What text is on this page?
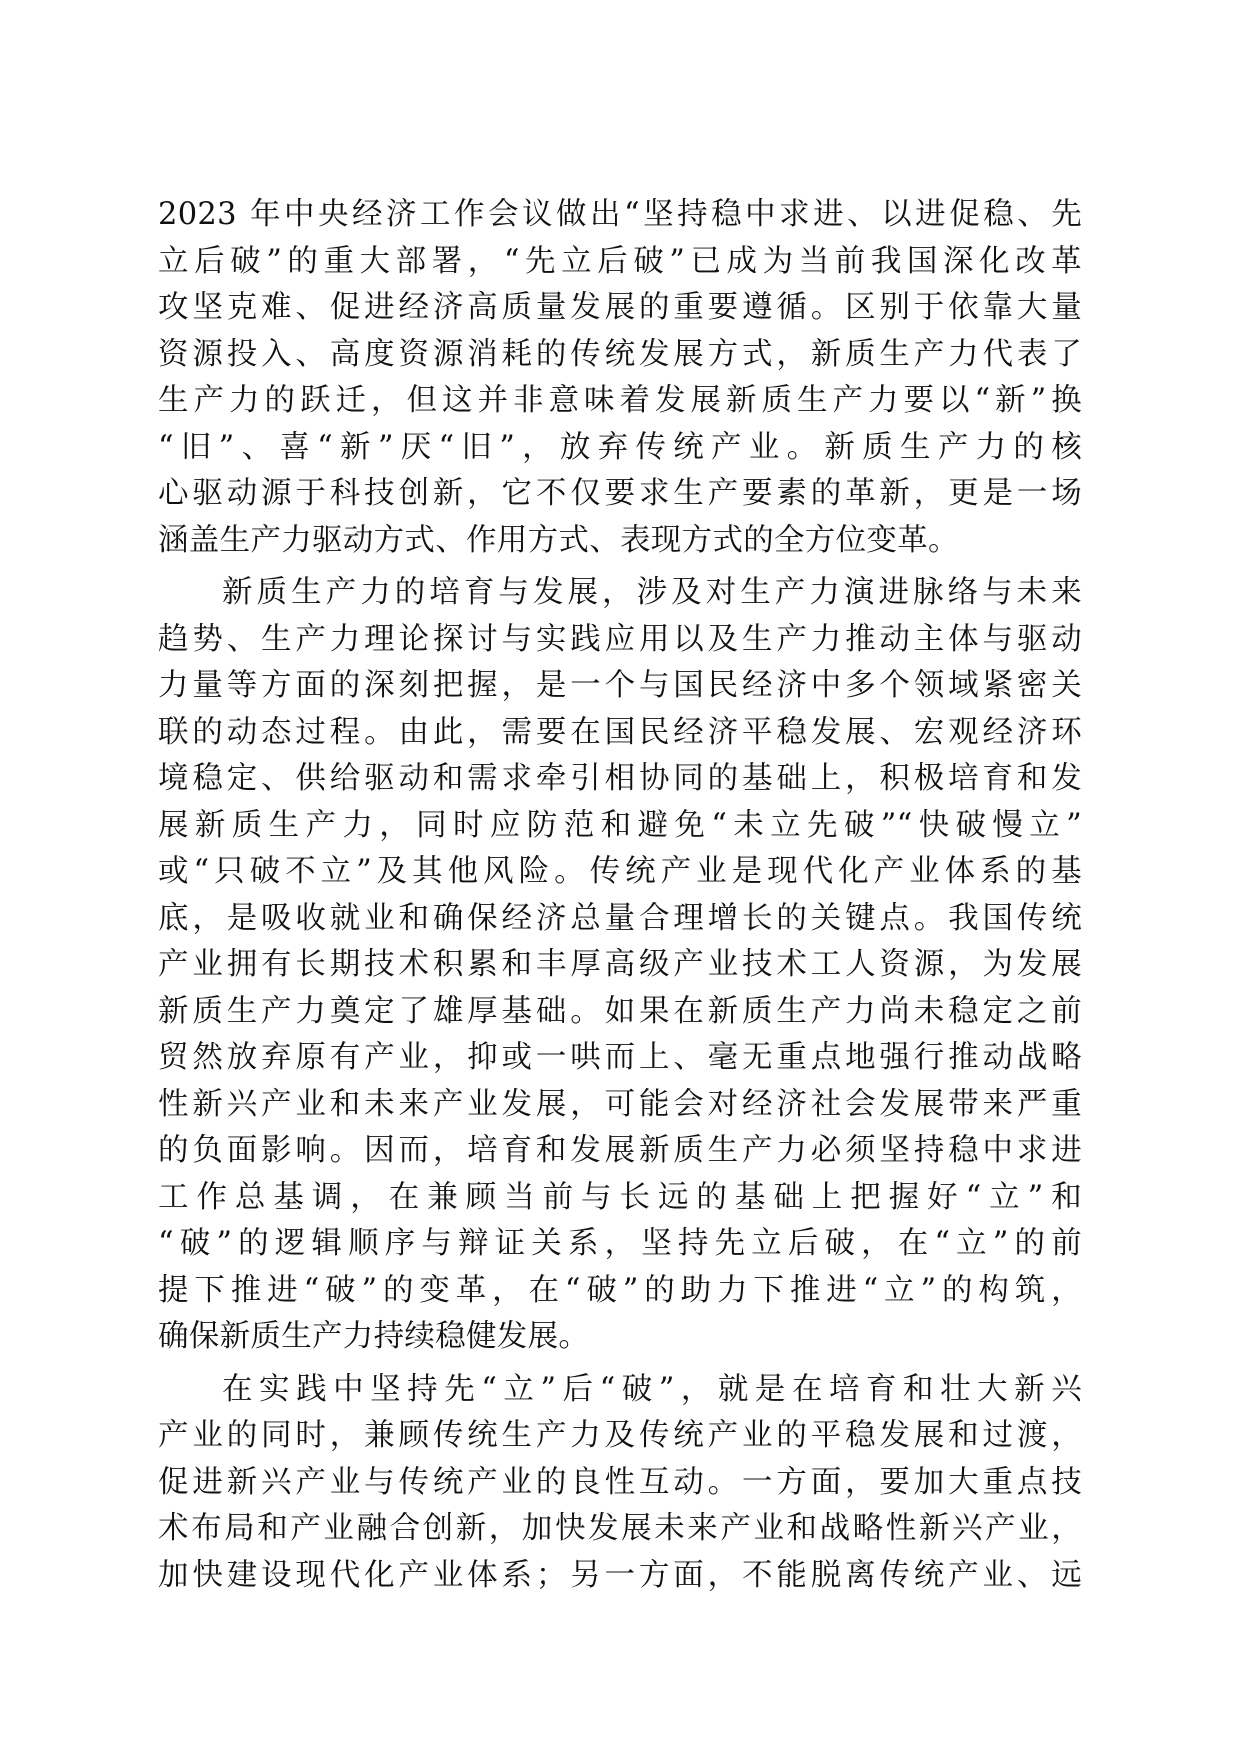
2023 年中央经济工作会议做出“坚持稳中求进、以进促稳、先
立后破”的重大部署，“先立后破”已成为当前我国深化改革
攻坚克难、促进经济高质量发展的重要遵循。区别于依靠大量
资源投入、高度资源消耗的传统发展方式，新质生产力代表了
生产力的跃迁，但这并非意味着发展新质生产力要以“新”换
“旧”、喜“新”厌“旧”，放弃传统产业。新质生产力的核
心驱动源于科技创新，它不仅要求生产要素的革新，更是一场
涵盖生产力驱动方式、作用方式、表现方式的全方位变革。
新质生产力的培育与发展，涉及对生产力演进脉络与未来
趋势、生产力理论探讨与实践应用以及生产力推动主体与驱动
力量等方面的深刻把握，是一个与国民经济中多个领域紧密关
联的动态过程。由此，需要在国民经济平稳发展、宏观经济环
境稳定、供给驱动和需求牵引相协同的基础上，积极培育和发
展新质生产力，同时应防范和避免“未立先破”“快破慢立”
或“只破不立”及其他风险。传统产业是现代化产业体系的基
底，是吸收就业和确保经济总量合理增长的关键点。我国传统
产业拥有长期技术积累和丰厚高级产业技术工人资源，为发展
新质生产力奠定了雄厚基础。如果在新质生产力尚未稳定之前
贸然放弃原有产业，抑或一哄而上、毫无重点地强行推动战略
性新兴产业和未来产业发展，可能会对经济社会发展带来严重
的负面影响。因而，培育和发展新质生产力必须坚持稳中求进
工作总基调，在兼顾当前与长远的基础上把握好“立”和
“破”的逻辑顺序与辩证关系，坚持先立后破，在“立”的前
提下推进“破”的变革，在“破”的助力下推进“立”的构筑，
确保新质生产力持续稳健发展。
在实践中坚持先“立”后“破”，就是在培育和壮大新兴
产业的同时，兼顾传统生产力及传统产业的平稳发展和过渡，
促进新兴产业与传统产业的良性互动。一方面，要加大重点技
术布局和产业融合创新，加快发展未来产业和战略性新兴产业，
加快建设现代化产业体系；另一方面，不能脱离传统产业、远
